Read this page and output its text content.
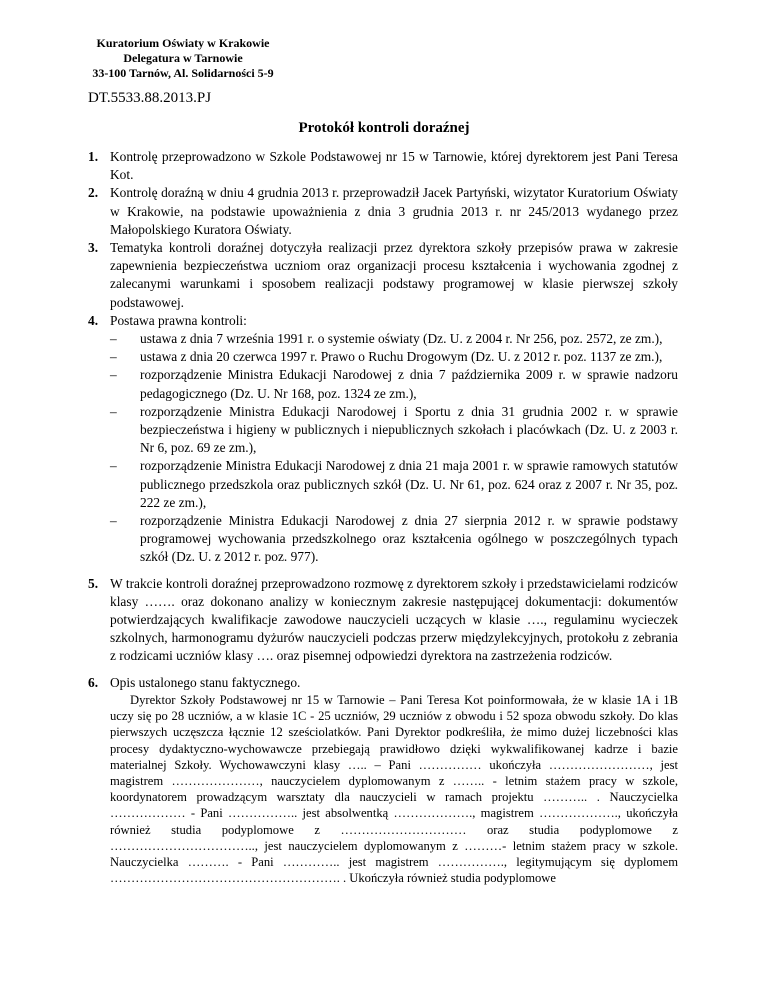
Kuratorium Oświaty w Krakowie
Delegatura w Tarnowie
33-100 Tarnów, Al. Solidarności 5-9
DT.5533.88.2013.PJ
Protokół kontroli doraźnej
1. Kontrolę przeprowadzono w Szkole Podstawowej nr 15 w Tarnowie, której dyrektorem jest Pani Teresa Kot.
2. Kontrolę doraźną w dniu 4 grudnia 2013 r. przeprowadził Jacek Partyński, wizytator Kuratorium Oświaty w Krakowie, na podstawie upoważnienia z dnia 3 grudnia 2013 r. nr 245/2013 wydanego przez Małopolskiego Kuratora Oświaty.
3. Tematyka kontroli doraźnej dotyczyła realizacji przez dyrektora szkoły przepisów prawa w zakresie zapewnienia bezpieczeństwa uczniom oraz organizacji procesu kształcenia i wychowania zgodnej z zalecanymi warunkami i sposobem realizacji podstawy programowej w klasie pierwszej szkoły podstawowej.
4. Postawa prawna kontroli:
– ustawa z dnia 7 września 1991 r. o systemie oświaty (Dz. U. z 2004 r. Nr 256, poz. 2572, ze zm.),
– ustawa z dnia 20 czerwca 1997 r. Prawo o Ruchu Drogowym (Dz. U. z 2012 r. poz. 1137 ze zm.),
– rozporządzenie Ministra Edukacji Narodowej z dnia 7 października 2009 r. w sprawie nadzoru pedagogicznego (Dz. U. Nr 168, poz. 1324 ze zm.),
– rozporządzenie Ministra Edukacji Narodowej i Sportu z dnia 31 grudnia 2002 r. w sprawie bezpieczeństwa i higieny w publicznych i niepublicznych szkołach i placówkach (Dz. U. z 2003 r. Nr 6, poz. 69 ze zm.),
– rozporządzenie Ministra Edukacji Narodowej z dnia 21 maja 2001 r. w sprawie ramowych statutów publicznego przedszkola oraz publicznych szkół (Dz. U. Nr 61, poz. 624 oraz z 2007 r. Nr 35, poz. 222 ze zm.),
– rozporządzenie Ministra Edukacji Narodowej z dnia 27 sierpnia 2012 r. w sprawie podstawy programowej wychowania przedszkolnego oraz kształcenia ogólnego w poszczególnych typach szkół (Dz. U. z 2012 r. poz. 977).
5. W trakcie kontroli doraźnej przeprowadzono rozmowę z dyrektorem szkoły i przedstawicielami rodziców klasy ……. oraz dokonano analizy w koniecznym zakresie następującej dokumentacji: dokumentów potwierdzających kwalifikacje zawodowe nauczycieli uczących w klasie …., regulaminu wycieczek szkolnych, harmonogramu dyżurów nauczycieli podczas przerw międzylekcyjnych, protokołu z zebrania z rodzicami uczniów klasy …. oraz pisemnej odpowiedzi dyrektora na zastrzeżenia rodziców.
6. Opis ustalonego stanu faktycznego.
Dyrektor Szkoły Podstawowej nr 15 w Tarnowie – Pani Teresa Kot poinformowała, że w klasie 1A i 1B uczy się po 28 uczniów, a w klasie 1C - 25 uczniów, 29 uczniów z obwodu i 52 spoza obwodu szkoły. Do klas pierwszych uczęszcza łącznie 12 sześciolatków. Pani Dyrektor podkreśliła, że mimo dużej liczebności klas procesy dydaktyczno-wychowawcze przebiegają prawidłowo dzięki wykwalifikowanej kadrze i bazie materialnej Szkoły. Wychowawczyni klasy ….. – Pani …………… ukończyła ……………………, jest magistrem …………………, nauczycielem dyplomowanym z …….. - letnim stażem pracy w szkole, koordynatorem prowadzącym warsztaty dla nauczycieli w ramach projektu ……….. . Nauczycielka ……………… - Pani …………….. jest absolwentką ………………., magistrem ………………., ukończyła również studia podyplomowe z ………………………… oraz studia podyplomowe z …………………………….., jest nauczycielem dyplomowanym z ………- letnim stażem pracy w szkole. Nauczycielka ………. - Pani ………….. jest magistrem ……………., legitymującym się dyplomem ………………………………………………. . Ukończyła również studia podyplomowe
